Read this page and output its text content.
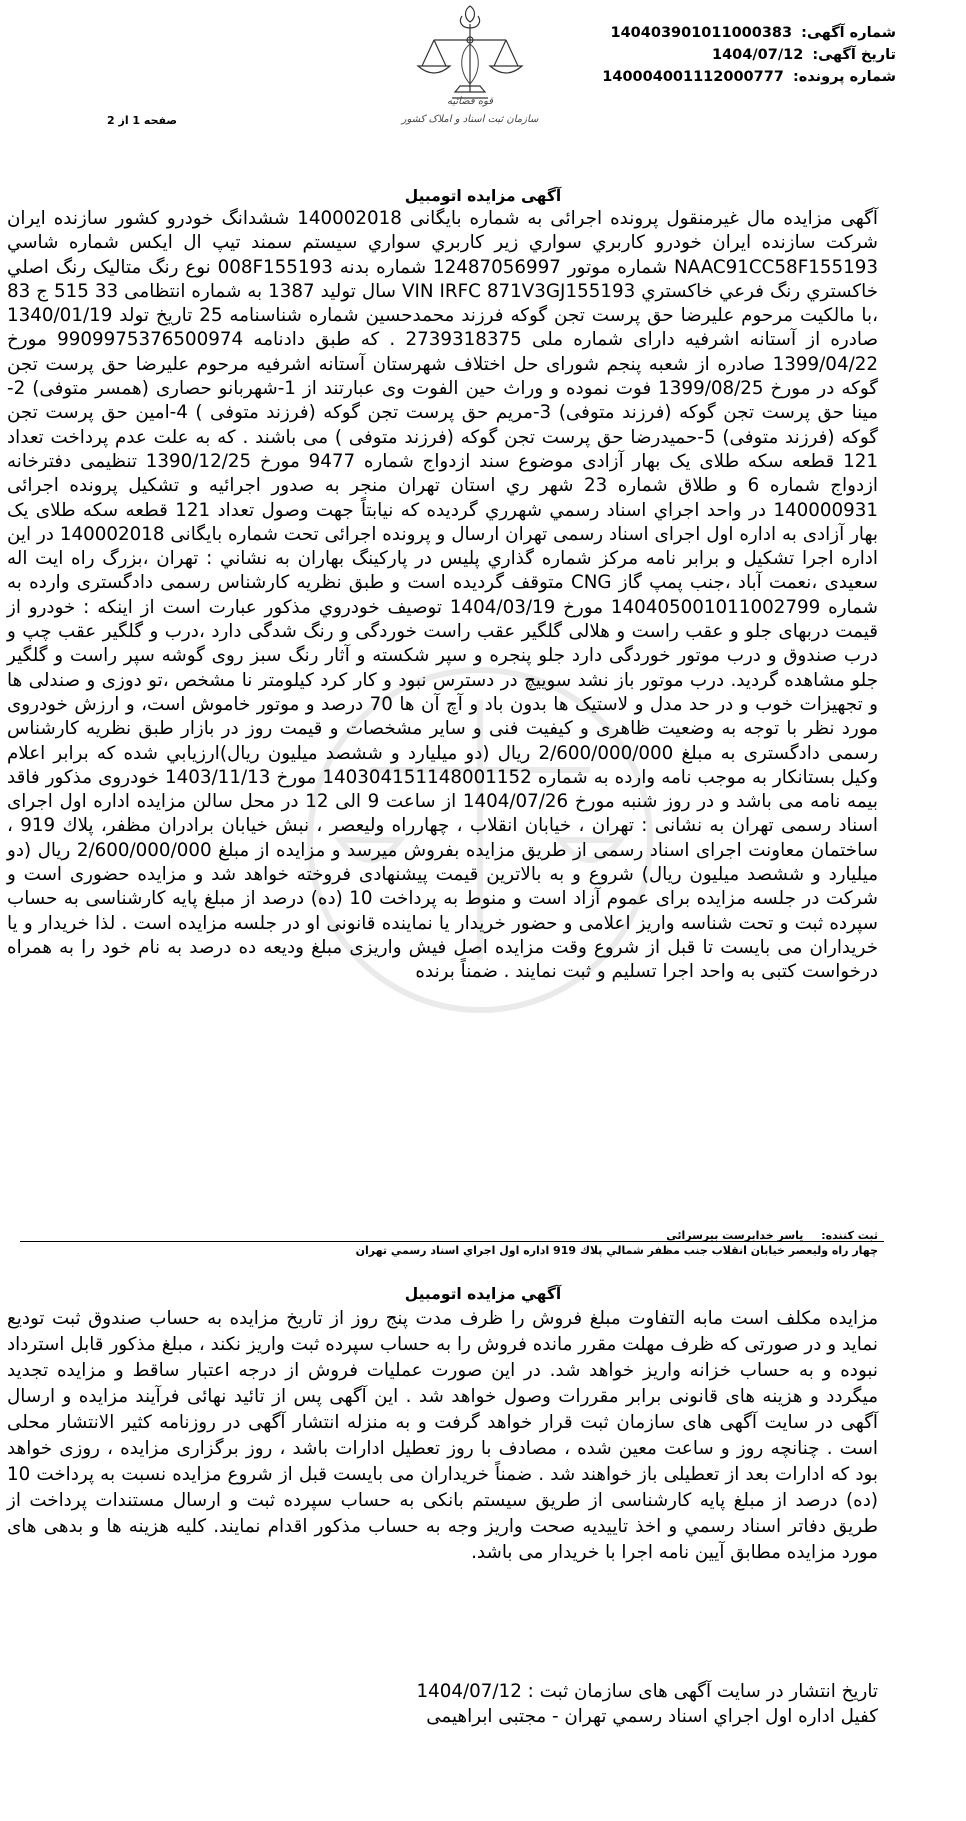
قوه قضائیه
سازمان ثبت اسناد و املاک کشور
شماره آگهی: 140403901011000383
تاریخ آگهی: 1404/07/12
شماره پرونده: 140004001112000777
صفحه 1 از 2
آگهی مزایده اتومبیل
آگهی مزایده مال غیرمنقول پرونده اجرائی به شماره بایگانی 140002018 ششدانگ خودرو کشور سازنده ايران شرکت سازنده ايران خودرو كاربري سواري زير كاربري سواري سیستم سمند تيپ ال ايكس شماره شاسي NAAC91CC58F155193 شماره موتور 12487056997 شماره بدنه 008F155193 نوع رنگ متاليک رنگ اصلي خاكستري رنگ فرعي خاكستري VIN IRFC 871V3GJ155193 سال تولید 1387 به شماره انتظامی 33 515 ج 83 ،با مالکیت مرحوم علیرضا حق پرست تجن گوکه فرزند محمدحسین شماره شناسنامه 25 تاریخ تولد 1340/01/19 صادره از آستانه اشرفیه دارای شماره ملی 2739318375 . که طبق دادنامه 9909975376500974 مورخ 1399/04/22 صادره از شعبه پنجم شورای حل اختلاف شهرستان آستانه اشرفیه مرحوم علیرضا حق پرست تجن گوکه در مورخ 1399/08/25 فوت نموده و وراث حین الفوت وی عبارتند از 1-شهربانو حصاری (همسر متوفی) 2-مینا حق پرست تجن گوکه (فرزند متوفی) 3-مریم حق پرست تجن گوکه (فرزند متوفی ) 4-امین حق پرست تجن گوکه (فرزند متوفی) 5-حمیدرضا حق پرست تجن گوکه (فرزند متوفی ) می باشند . که به علت عدم پرداخت تعداد 121 قطعه سکه طلای یک بهار آزادی موضوع سند ازدواج شماره 9477 مورخ 1390/12/25 تنظیمی دفترخانه ازدواج شماره 6 و طلاق شماره 23 شهر ري استان تهران منجر به صدور اجرائیه و تشکیل پرونده اجرائی 140000931 در واحد اجراي اسناد رسمي شهرري گرديده که نيابتاً جهت وصول تعداد 121 قطعه سکه طلای یک بهار آزادی به اداره اول اجرای اسناد رسمی تهران ارسال و پرونده اجرائی تحت شماره بایگانی 140002018 در این اداره اجرا تشکیل و برابر نامه مرکز شماره گذاري پليس در پارکینگ بهاران به نشاني : تهران ،بزرگ راه ایت اله سعیدی ،نعمت آباد ،جنب پمپ گاز CNG متوقف گرديده است و طبق نظريه كارشناس رسمی دادگستری وارده به شماره 140405001011002799 مورخ 1404/03/19 توصيف خودروي مذكور عبارت است از اینکه : خودرو از قیمت دربهای جلو و عقب راست و هلالی گلگیر عقب راست خوردگی و رنگ شدگی دارد ،درب و گلگیر عقب چپ و درب صندوق و درب موتور خوردگی دارد جلو پنجره و سپر شکسته و آثار رنگ سبز روی گوشه سپر راست و گلگیر جلو مشاهده گردید. درب موتور باز نشد سوییچ در دسترس نبود و کار کرد کیلومتر نا مشخص ،تو دوزی و صندلی ها و تجهیزات خوب و در حد مدل و لاستیک ها بدون باد و آچ آن ها 70 درصد و موتور خاموش است، و ارزش خودروی مورد نظر با توجه به وضعیت ظاهری و کیفیت فنی و سایر مشخصات و قیمت روز در بازار طبق نظريه كارشناس رسمی دادگستری به مبلغ 2/600/000/000 ريال (دو میلیارد و ششصد میلیون ريال)ارزيابي شده كه برابر اعلام وكيل بستانكار به موجب نامه وارده به شماره 14030415114800115​2 مورخ 1403/11/13 خودروی مذکور فاقد بیمه نامه می باشد و در روز شنبه مورخ 1404/07/26 از ساعت 9 الی 12 در محل سالن مزايده اداره اول اجرای اسناد رسمی تهران به نشانی : تهران ، خيابان انقلاب ، چهارراه وليعصر ، نبش خيابان برادران مظفر، پلاك 919 ، ساختمان معاونت اجرای اسناد رسمی از طريق مزايده بفروش ميرسد و مزايده از مبلغ 2/600/000/000 ريال (دو میلیارد و ششصد میلیون ريال) شروع و به بالاترين قيمت پيشنهادی فروخته خواهد شد و مزايده حضوری است و شرکت در جلسه مزایده برای عموم آزاد است و منوط به پرداخت 10 (ده) درصد از مبلغ پایه کارشناسی به حساب سپرده ثبت و تحت شناسه واریز اعلامی و حضور خریدار یا نماینده قانونی او در جلسه مزایده است . لذا خریدار و یا خریداران می بایست تا قبل از شروع وقت مزایده اصل فیش واریزی مبلغ ودیعه ده درصد به نام خود را به همراه درخواست کتبی به واحد اجرا تسلیم و ثبت نمایند . ضمناً برنده
ثبت كننده: ياسر خدابرست بيرسرائي
چهار راه وليعصر خيابان انقلاب جنب مظفر شمالي پلاك 919 اداره اول اجراي اسناد رسمي تهران
آگهي مزايده اتومبيل
مزایده مکلف است مابه التفاوت مبلغ فروش را ظرف مدت پنج روز از تاریخ مزایده به حساب صندوق ثبت تودیع نماید و در صورتی که ظرف مهلت مقرر مانده فروش را به حساب سپرده ثبت واریز نکند ، مبلغ مذکور قابل استرداد نبوده و به حساب خزانه واریز خواهد شد. در این صورت عملیات فروش از درجه اعتبار ساقط و مزایده تجدید میگردد و هزینه های قانونی برابر مقررات وصول خواهد شد . این آگهی پس از تائید نهائی فرآیند مزایده و ارسال آگهی در سایت آگهی های سازمان ثبت قرار خواهد گرفت و به منزله انتشار آگهی در روزنامه کثیر الانتشار محلی است . چنانچه روز و ساعت معین شده ، مصادف با روز تعطیل ادارات باشد ، روز برگزاری مزایده ، روزی خواهد بود که ادارات بعد از تعطیلی باز خواهند شد . ضمناً خریداران می بایست قبل از شروع مزایده نسبت به پرداخت 10 (ده) درصد از مبلغ پایه کارشناسی از طریق سیستم بانکی به حساب سپرده ثبت و ارسال مستندات پرداخت از طریق دفاتر اسناد رسمي و اخذ تاييديه صحت واريز وجه به حساب مذكور اقدام نمايند. کلیه هزینه ها و بدهی های مورد مزایده مطابق آیین نامه اجرا با خریدار می باشد.
تاریخ انتشار در سایت آگهی های سازمان ثبت : 1404/07/12
كفيل اداره اول اجراي اسناد رسمي تهران - مجتبی ابراهیمی
